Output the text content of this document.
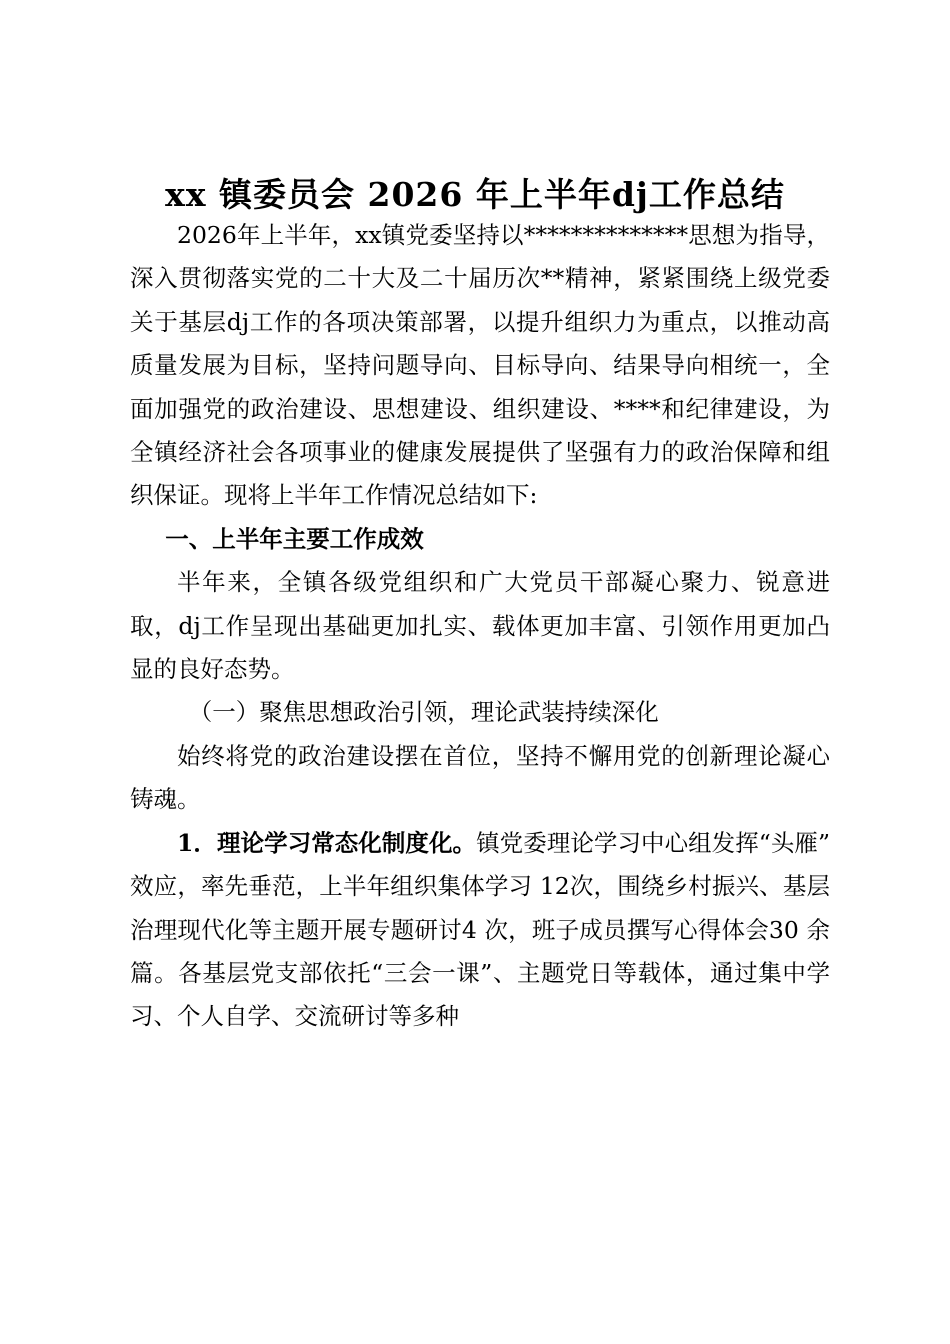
xx 镇委员会 2026 年上半年dj工作总结

2026年上半年，xx镇党委坚持以**************思想为指导，深入贯彻落实党的二十大及二十届历次**精神，紧紧围绕上级党委关于基层dj工作的各项决策部署，以提升组织力为重点，以推动高质量发展为目标，坚持问题导向、目标导向、结果导向相统一，全面加强党的政治建设、思想建设、组织建设、****和纪律建设，为全镇经济社会各项事业的健康发展提供了坚强有力的政治保障和组织保证。现将上半年工作情况总结如下:

一、上半年主要工作成效

半年来，全镇各级党组织和广大党员干部凝心聚力、锐意进取，dj工作呈现出基础更加扎实、载体更加丰富、引领作用更加凸显的良好态势。

（一）聚焦思想政治引领，理论武装持续深化

始终将党的政治建设摆在首位，坚持不懈用党的创新理论凝心铸魂。

1．理论学习常态化制度化。镇党委理论学习中心组发挥“头雁” 效应，率先垂范，上半年组织集体学习 12次，围绕乡村振兴、基层治理现代化等主题开展专题研讨4 次，班子成员撰写心得体会30 余篇。各基层党支部依托“三会一课”、主题党日等载体，通过集中学习、个人自学、交流研讨等多种
